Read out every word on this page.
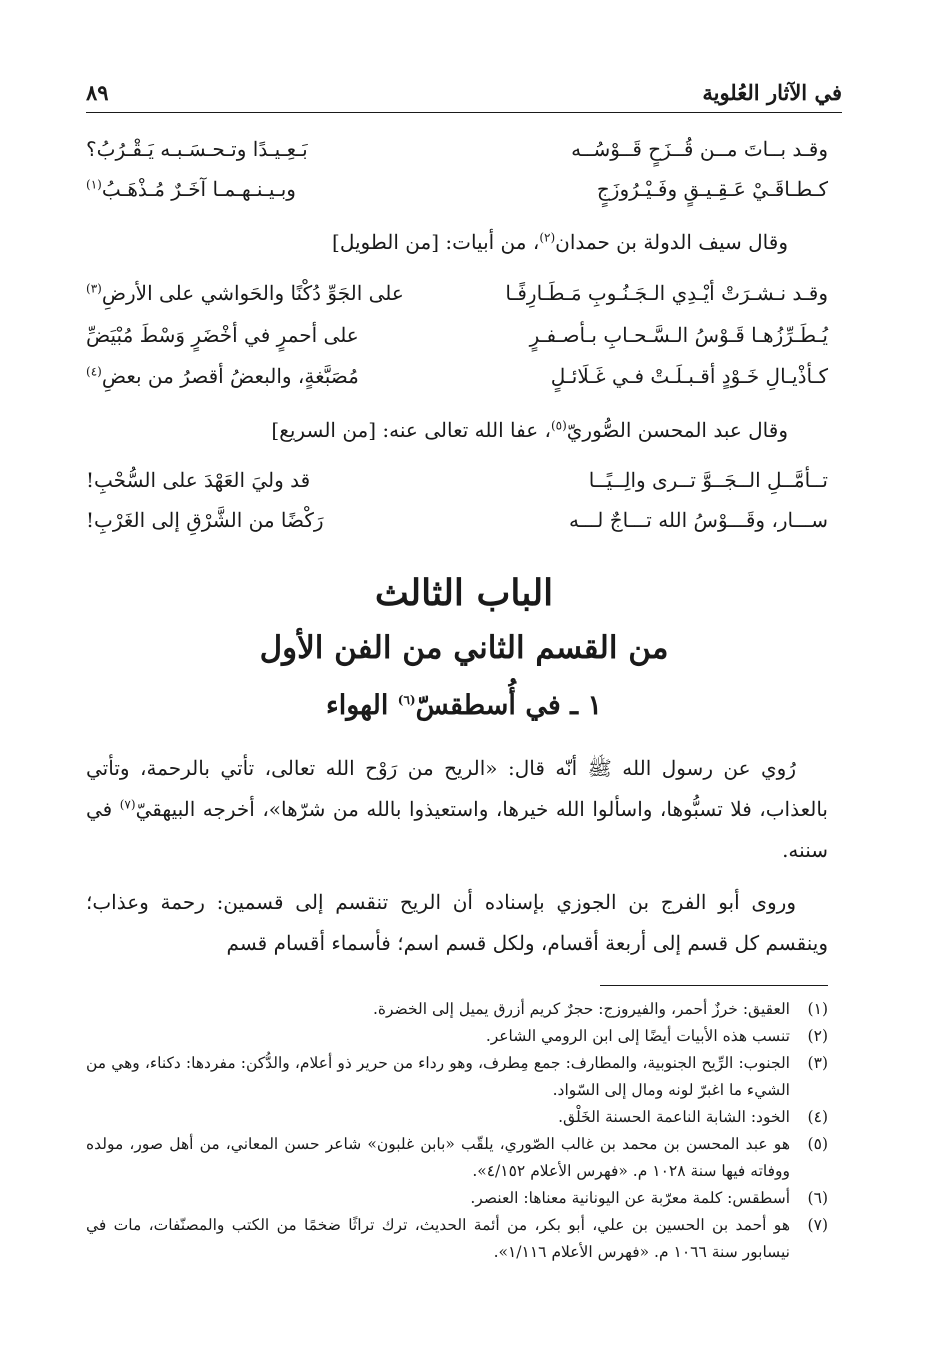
في الآثار العُلوية
٨٩
وقـد بــاتَ مــن قُــزَحٍ قَــوْسُــه
بَـعِـيـدًا وتـحـسَـبـه يَـقْـرُبُ؟
كـطـاقَـيْ عَـقِـيـقٍ وفَـيْـرُوزَجٍ
وبـيـنـهـمـا آخَـرٌ مُـذْهَـبُ$^{(١)}$
وقال سيف الدولة بن حمدان$^{(٢)}$، من أبيات: [من الطويل]
وقـد نـشـرَتْ أيْـدِي الـجَـنُـوبِ مَـطَـارِفًـا
على الجَوِّ دُكْنًا والحَواشي على الأرضِ$^{(٣)}$
يُـطَـرِّزُهـا قَـوْسُ الـسَّـحـابِ بـأصـفـرٍ
على أحمرٍ في أخْضَرٍ وَسْطَ مُبْيَضِّ
كـأذْيـالِ خَـوْدٍ أقـبـلَـتْ فـي غَـلَائـلٍ
مُصَبَّغةٍ، والبعضُ أقصرُ من بعضِ$^{(٤)}$
وقال عبد المحسن الصُّوريّ$^{(٥)}$، عفا الله تعالى عنه: [من السريع]
تــأمَّــلِ الــجَــوَّ تــرى والِــيًــا
قد وليَ العَهْدَ على السُّحْبِ!
ســـار، وقَـــوْسُ الله تـــاجٌ لـــه
رَكْضًا من الشَّرْقِ إلى الغَرْبِ!
الباب الثالث
من القسم الثاني من الفن الأول
١ ـ في أُسطقسّ$^{(٦)}$ الهواء

رُوي عن رسول الله ﷺ أنّه قال: «الريح من رَوْح الله تعالى، تأتي بالرحمة، وتأتي بالعذاب، فلا تسبُّوها، واسألوا الله خيرها، واستعيذوا بالله من شرّها»، أخرجه البيهقيّ$^{(٧)}$ في سننه.

وروى أبو الفرج بن الجوزي بإسناده أن الريح تنقسم إلى قسمين: رحمة وعذاب؛ وينقسم كل قسم إلى أربعة أقسام، ولكل قسم اسم؛ فأسماء أقسام قسم

(١)
العقيق: خرزٌ أحمر، والفيروزج: حجرٌ كريم أزرق يميل إلى الخضرة.

(٢)
تنسب هذه الأبيات أيضًا إلى ابن الرومي الشاعر.

(٣)
الجنوب: الرِّيح الجنوبية، والمطارف: جمع مِطرف، وهو رداء من حرير ذو أعلام، والدُّكن: مفردها: دكناء، وهي من الشيء ما اغبرّ لونه ومال إلى السّواد.

(٤)
الخود: الشابة الناعمة الحسنة الخَلْق.

(٥)
هو عبد المحسن بن محمد بن غالب الصّوري، يلقّب «بابن غلبون» شاعر حسن المعاني، من أهل صور، مولده ووفاته فيها سنة ١٠٢٨ م. «فهرس الأعلام ٤/١٥٢».

(٦)
أسطقس: كلمة معرّبة عن اليونانية معناها: العنصر.

(٧)
هو أحمد بن الحسين بن علي، أبو بكر، من أئمة الحديث، ترك تراثًا ضخمًا من الكتب والمصنّفات، مات في نيسابور سنة ١٠٦٦ م. «فهرس الأعلام ١/١١٦».
